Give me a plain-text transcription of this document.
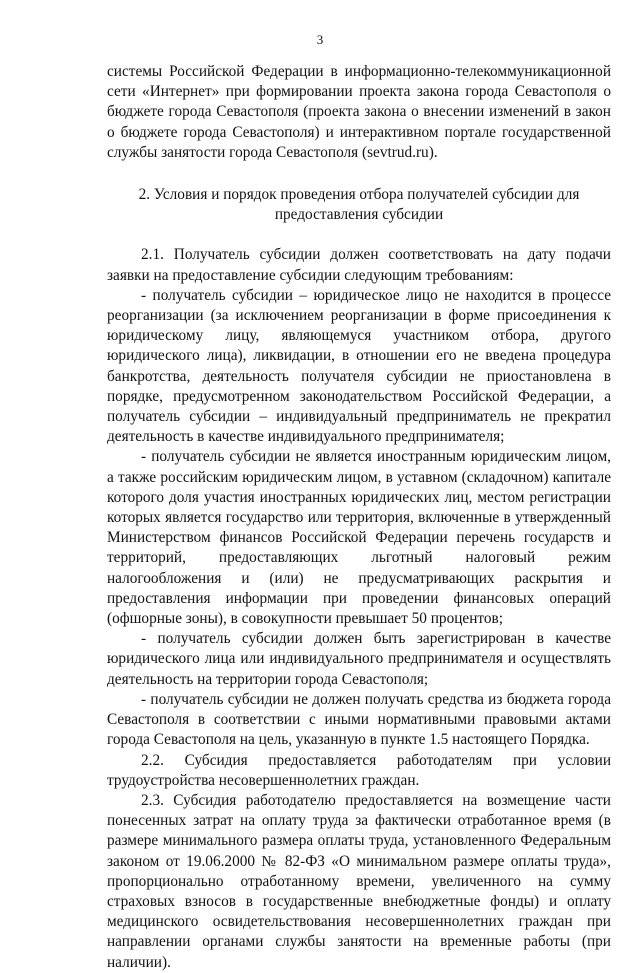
3

системы Российской Федерации в информационно-телекоммуникационной сети «Интернет» при формировании проекта закона города Севастополя о бюджете города Севастополя (проекта закона о внесении изменений в закон о бюджете города Севастополя) и интерактивном портале государственной службы занятости города Севастополя (sevtrud.ru).

2. Условия и порядок проведения отбора получателей субсидии для предоставления субсидии

2.1. Получатель субсидии должен соответствовать на дату подачи заявки на предоставление субсидии следующим требованиям:

- получатель субсидии – юридическое лицо не находится в процессе реорганизации (за исключением реорганизации в форме присоединения к юридическому лицу, являющемуся участником отбора, другого юридического лица), ликвидации, в отношении его не введена процедура банкротства, деятельность получателя субсидии не приостановлена в порядке, предусмотренном законодательством Российской Федерации, а получатель субсидии – индивидуальный предприниматель не прекратил деятельность в качестве индивидуального предпринимателя;

- получатель субсидии не является иностранным юридическим лицом, а также российским юридическим лицом, в уставном (складочном) капитале которого доля участия иностранных юридических лиц, местом регистрации которых является государство или территория, включенные в утвержденный Министерством финансов Российской Федерации перечень государств и территорий, предоставляющих льготный налоговый режим налогообложения и (или) не предусматривающих раскрытия и предоставления информации при проведении финансовых операций (офшорные зоны), в совокупности превышает 50 процентов;

- получатель субсидии должен быть зарегистрирован в качестве юридического лица или индивидуального предпринимателя и осуществлять деятельность на территории города Севастополя;

- получатель субсидии не должен получать средства из бюджета города Севастополя в соответствии с иными нормативными правовыми актами города Севастополя на цель, указанную в пункте 1.5 настоящего Порядка.

2.2. Субсидия предоставляется работодателям при условии трудоустройства несовершеннолетних граждан.

2.3. Субсидия работодателю предоставляется на возмещение части понесенных затрат на оплату труда за фактически отработанное время (в размере минимального размера оплаты труда, установленного Федеральным законом от 19.06.2000 № 82-ФЗ «О минимальном размере оплаты труда», пропорционально отработанному времени, увеличенного на сумму страховых взносов в государственные внебюджетные фонды) и оплату медицинского освидетельствования несовершеннолетних граждан при направлении органами службы занятости на временные работы (при наличии).
